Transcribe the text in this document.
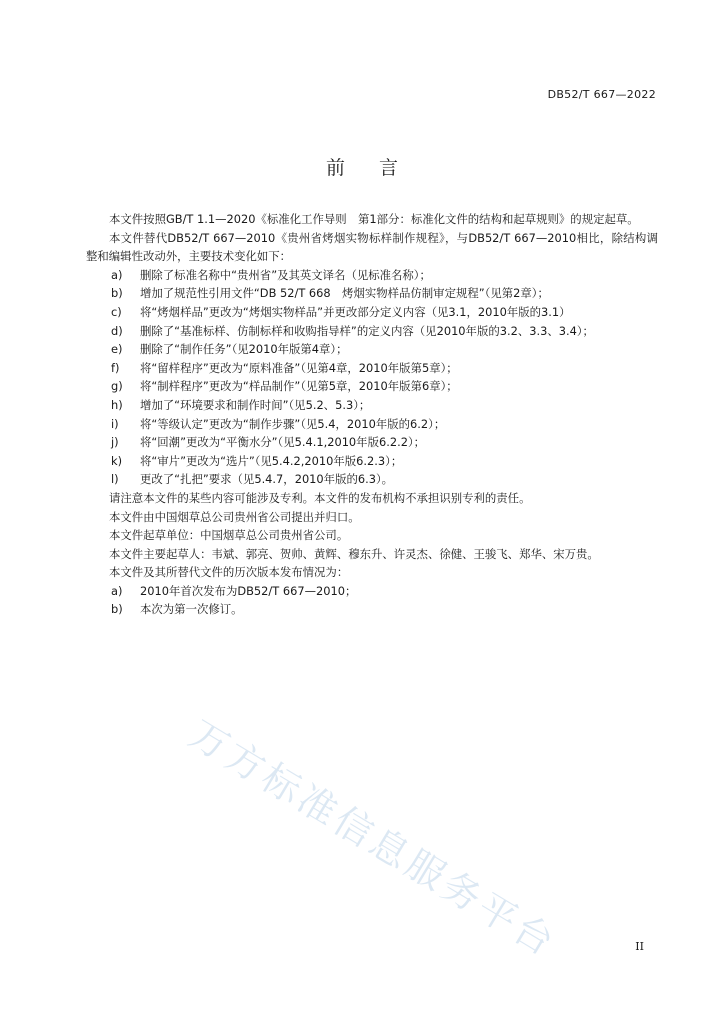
DB52/T 667—2022
前言

本文件按照GB/T 1.1—2020《标准化工作导则　第1部分：标准化文件的结构和起草规则》的规定起草。

本文件替代DB52/T 667—2010《贵州省烤烟实物标样制作规程》，与DB52/T 667—2010相比，除结构调整和编辑性改动外，主要技术变化如下：

a) 删除了标准名称中“贵州省”及其英文译名（见标准名称）；

b) 增加了规范性引用文件“DB 52/T 668　烤烟实物样品仿制审定规程”（见第2章）；

c) 将“烤烟样品”更改为“烤烟实物样品”并更改部分定义内容（见3.1，2010年版的3.1）

d) 删除了“基准标样、仿制标样和收购指导样”的定义内容（见2010年版的3.2、3.3、3.4）；

e) 删除了“制作任务”（见2010年版第4章）；

f) 将“留样程序”更改为“原料准备”（见第4章，2010年版第5章）；

g) 将“制样程序”更改为“样品制作”（见第5章，2010年版第6章）；

h) 增加了“环境要求和制作时间”（见5.2、5.3）；

i) 将“等级认定”更改为“制作步骤”（见5.4，2010年版的6.2）；

j) 将“回潮”更改为“平衡水分”（见5.4.1,2010年版6.2.2）；

k) 将“审片”更改为“选片”（见5.4.2,2010年版6.2.3）；

l) 更改了“扎把”要求（见5.4.7，2010年版的6.3）。

请注意本文件的某些内容可能涉及专利。本文件的发布机构不承担识别专利的责任。

本文件由中国烟草总公司贵州省公司提出并归口。

本文件起草单位：中国烟草总公司贵州省公司。

本文件主要起草人：韦斌、郭亮、贺帅、黄辉、穆东升、许灵杰、徐健、王骏飞、郑华、宋万贵。

本文件及其所替代文件的历次版本发布情况为：

a) 2010年首次发布为DB52/T 667—2010；

b) 本次为第一次修订。

万方标准信息服务平台	II
